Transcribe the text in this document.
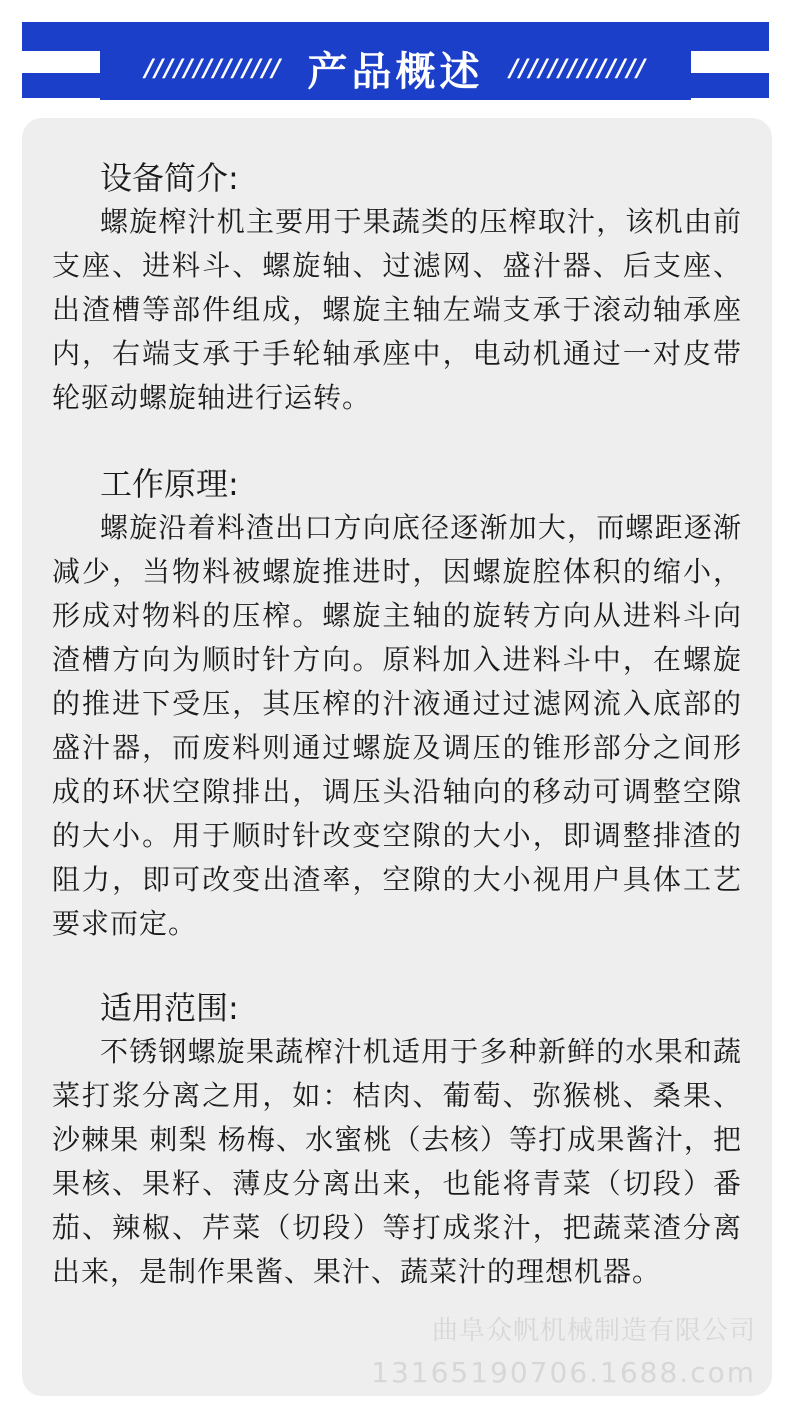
////////////// 产品概述 //////////////
设备简介:

螺旋榨汁机主要用于果蔬类的压榨取汁，该机由前支座、进料斗、螺旋轴、过滤网、盛汁器、后支座、出渣槽等部件组成，螺旋主轴左端支承于滚动轴承座内，右端支承于手轮轴承座中，电动机通过一对皮带轮驱动螺旋轴进行运转。

工作原理:

螺旋沿着料渣出口方向底径逐渐加大，而螺距逐渐减少，当物料被螺旋推进时，因螺旋腔体积的缩小，形成对物料的压榨。螺旋主轴的旋转方向从进料斗向渣槽方向为顺时针方向。原料加入进料斗中，在螺旋的推进下受压，其压榨的汁液通过过滤网流入底部的盛汁器，而废料则通过螺旋及调压的锥形部分之间形成的环状空隙排出，调压头沿轴向的移动可调整空隙的大小。用于顺时针改变空隙的大小，即调整排渣的阻力，即可改变出渣率，空隙的大小视用户具体工艺要求而定。

适用范围:

不锈钢螺旋果蔬榨汁机适用于多种新鲜的水果和蔬菜打浆分离之用，如：桔肉、葡萄、弥猴桃、桑果、沙棘果 刺梨 杨梅、水蜜桃（去核）等打成果酱汁，把果核、果籽、薄皮分离出来，也能将青菜（切段）番茄、辣椒、芹菜（切段）等打成浆汁，把蔬菜渣分离出来，是制作果酱、果汁、蔬菜汁的理想机器。

曲阜众帆机械制造有限公司
13165190706.1688.com
